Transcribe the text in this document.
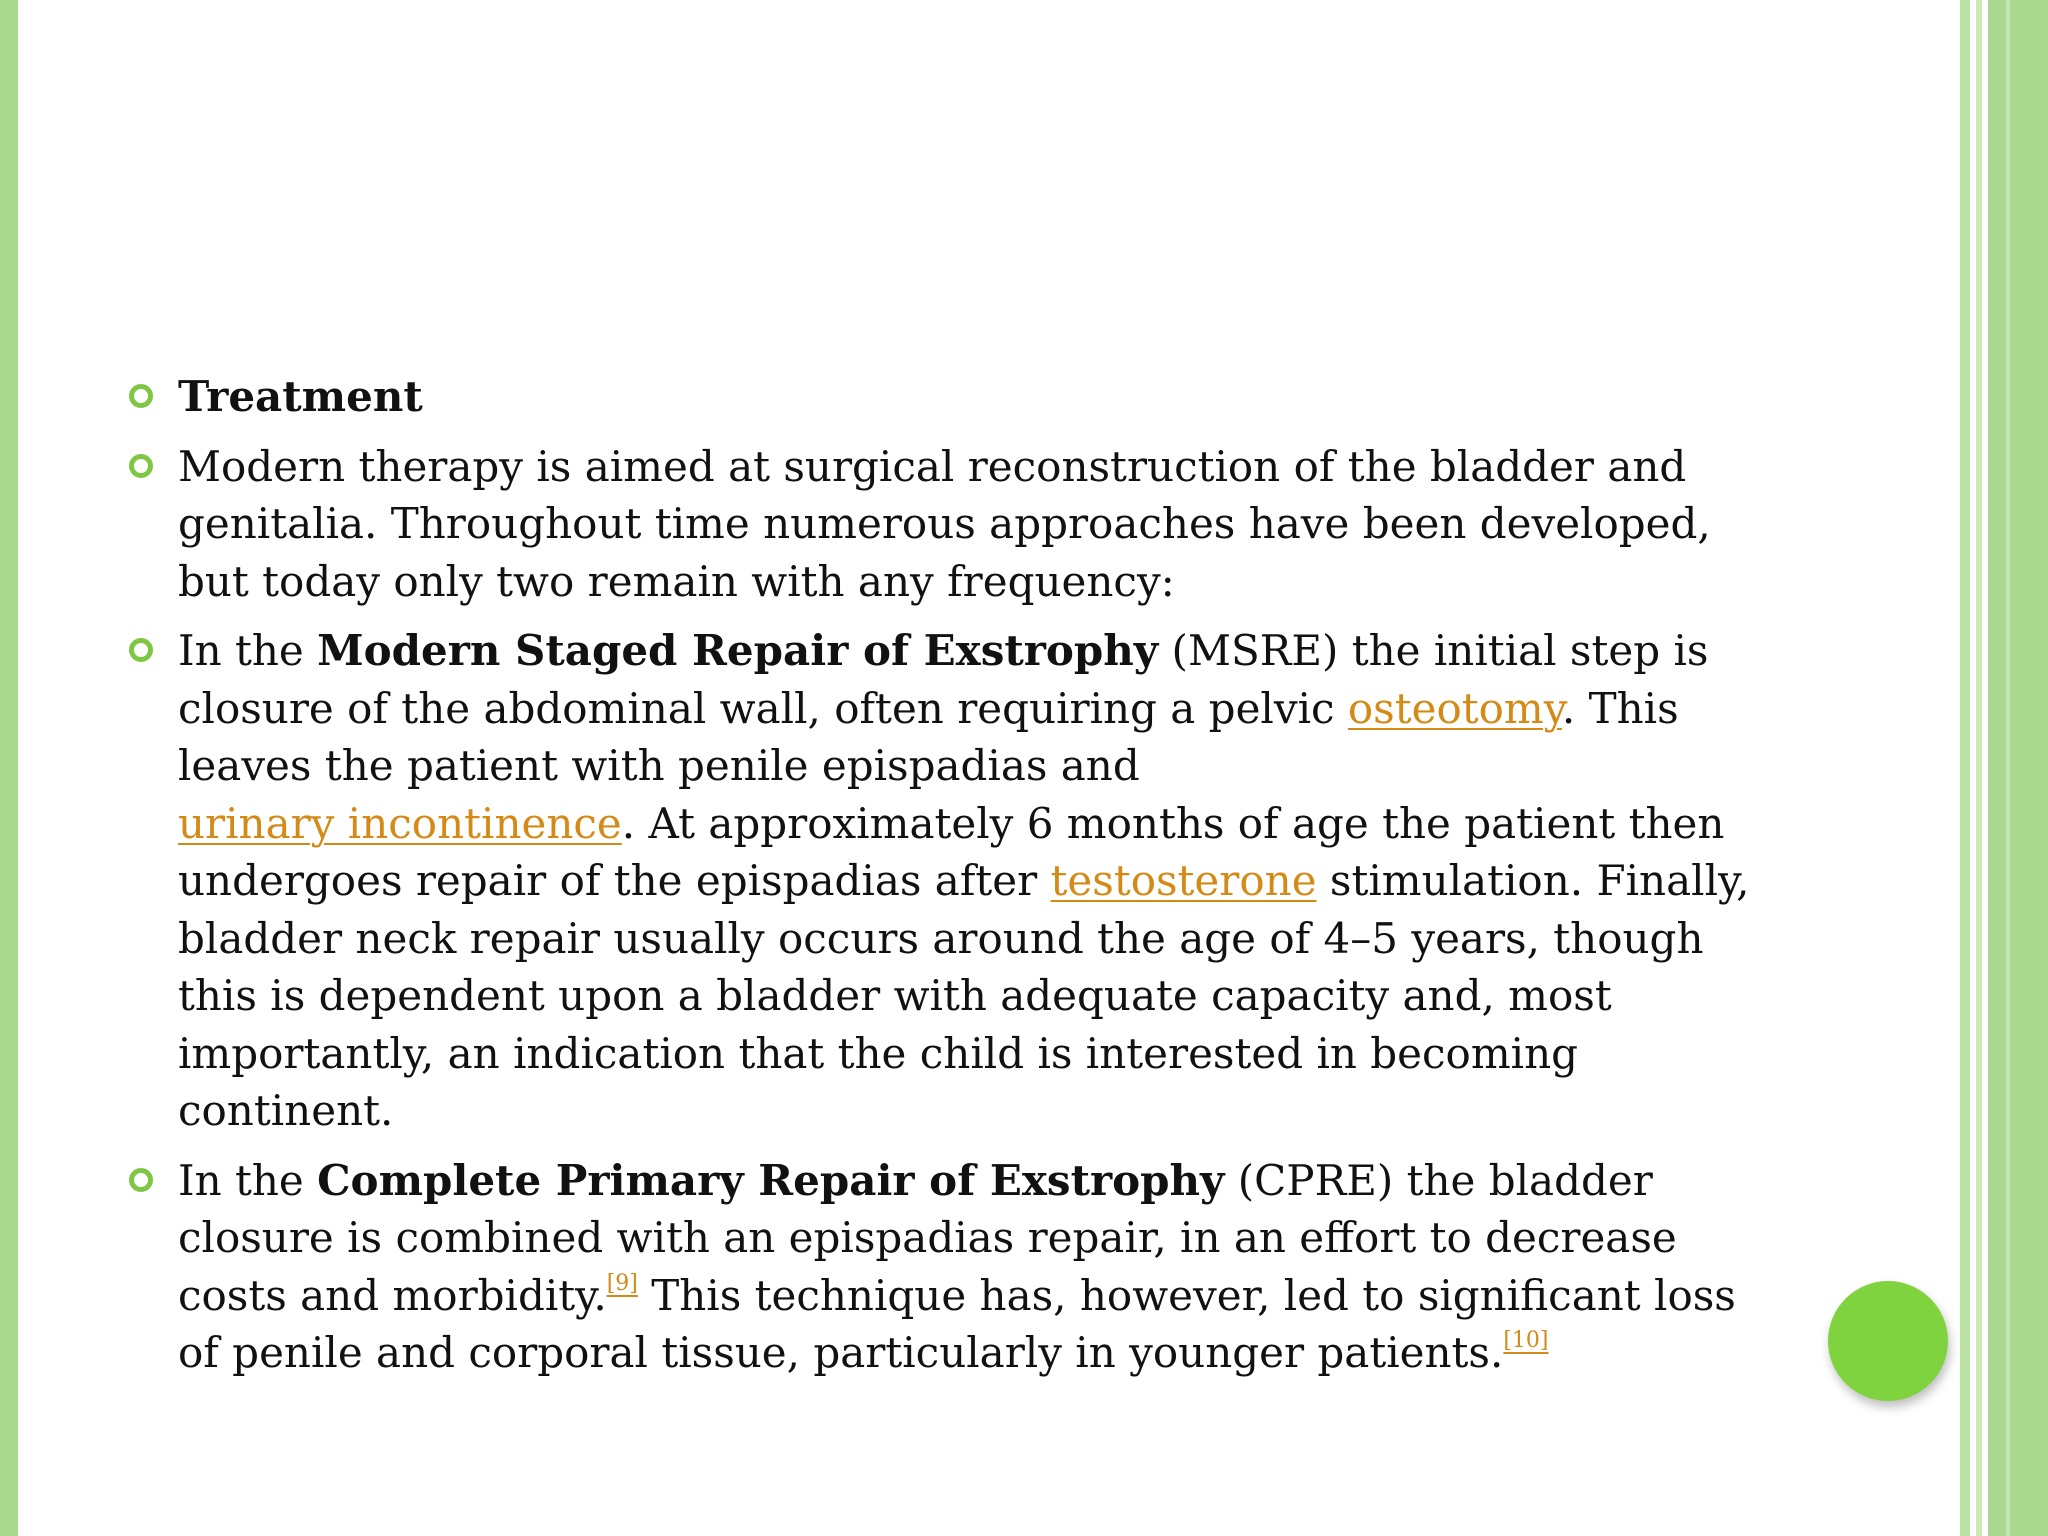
Treatment
Modern therapy is aimed at surgical reconstruction of the bladder and genitalia. Throughout time numerous approaches have been developed, but today only two remain with any frequency:
In the Modern Staged Repair of Exstrophy (MSRE) the initial step is closure of the abdominal wall, often requiring a pelvic osteotomy. This leaves the patient with penile epispadias and
urinary incontinence. At approximately 6 months of age the patient then undergoes repair of the epispadias after testosterone stimulation. Finally, bladder neck repair usually occurs around the age of 4–5 years, though this is dependent upon a bladder with adequate capacity and, most importantly, an indication that the child is interested in becoming continent.
In the Complete Primary Repair of Exstrophy (CPRE) the bladder closure is combined with an epispadias repair, in an effort to decrease costs and morbidity.[9] This technique has, however, led to significant loss of penile and corporal tissue, particularly in younger patients.[10]
